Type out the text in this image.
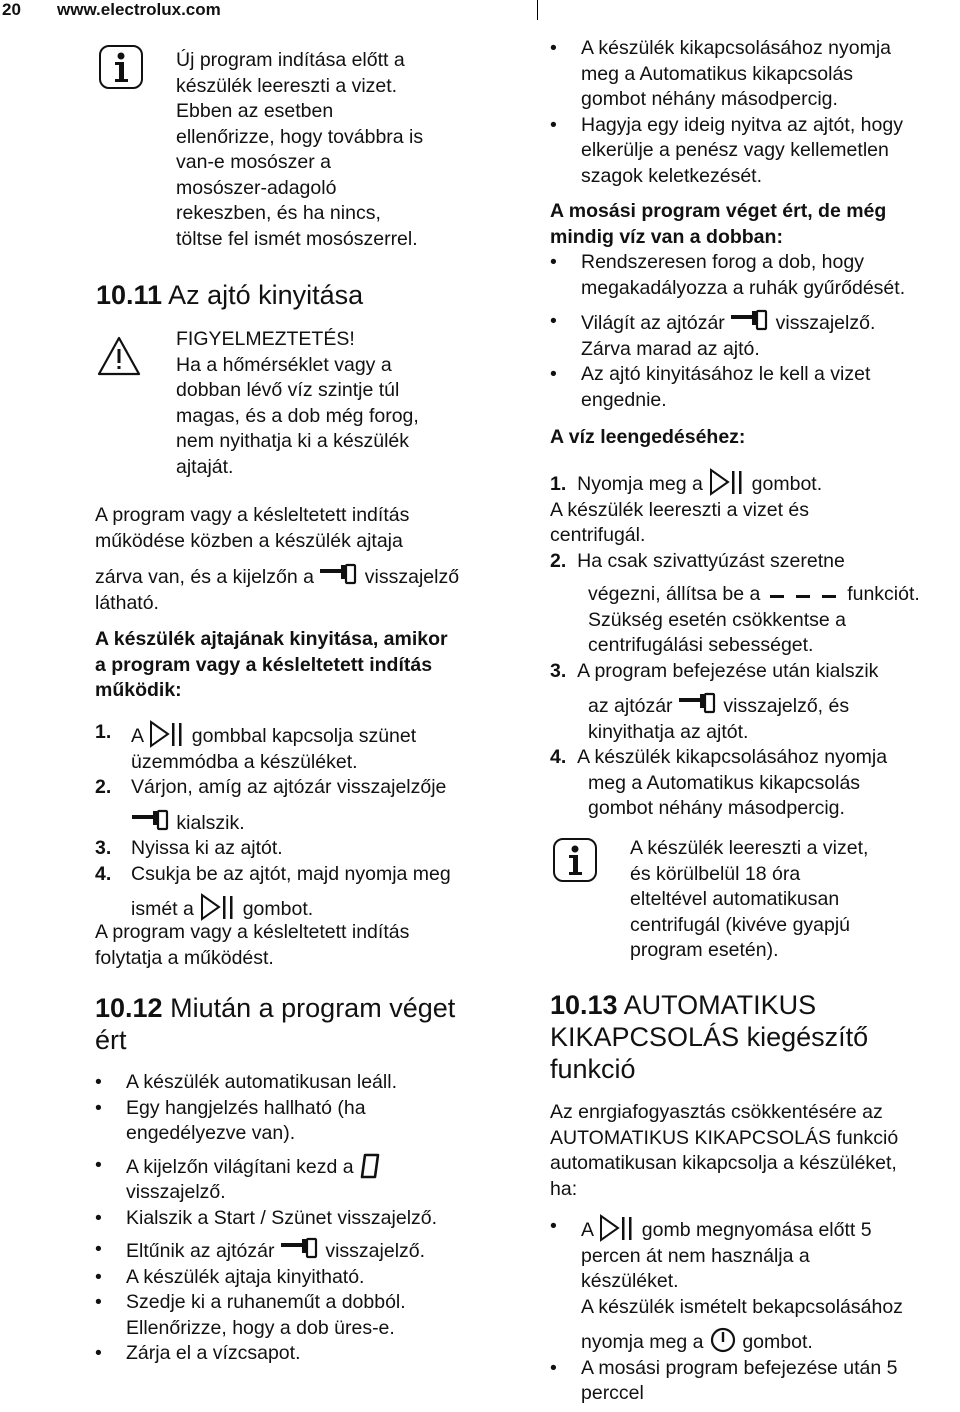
20 www.electrolux.com
Új program indítása előtt a
készülék leereszti a vizet.
Ebben az esetben
ellenőrizze, hogy továbbra is
van-e mosószer a
mosószer-adagoló
rekeszben, és ha nincs,
töltse fel ismét mosószerrel.
10.11 Az ajtó kinyitása
FIGYELMEZTETÉS!
Ha a hőmérséklet vagy a
dobban lévő víz szintje túl
magas, és a dob még forog,
nem nyithatja ki a készülék
ajtaját.
A program vagy a késleltetett indítás
működése közben a készülék ajtaja
zárva van, és a kijelzőn a	visszajelző
látható.
A készülék ajtajának kinyitása, amikor
a program vagy a késleltetett indítás
működik:
1. A	gombbal kapcsolja szünet
üzemmódba a készüléket.
2. Várjon, amíg az ajtózár visszajelzője
kialszik.
3. Nyissa ki az ajtót.
4. Csukja be az ajtót, majd nyomja meg
ismét a	gombot.
A program vagy a késleltetett indítás
folytatja a működést.
10.12 Miután a program véget
ért
• A készülék automatikusan leáll.
• Egy hangjelzés hallható (ha
engedélyezve van).
• A kijelzőn világítani kezd a
visszajelző.
• Kialszik a Start / Szünet visszajelző.
• Eltűnik az ajtózár	visszajelző.
• A készülék ajtaja kinyitható.
• Szedje ki a ruhaneműt a dobból.
Ellenőrizze, hogy a dob üres-e.
• Zárja el a vízcsapot.
• A készülék kikapcsolásához nyomja
meg a Automatikus kikapcsolás
gombot néhány másodpercig.
• Hagyja egy ideig nyitva az ajtót, hogy
elkerülje a penész vagy kellemetlen
szagok keletkezését.
A mosási program véget ért, de még
mindig víz van a dobban:
• Rendszeresen forog a dob, hogy
megakadályozza a ruhák gyűrődését.
• Világít az ajtózár	visszajelző.
Zárva marad az ajtó.
• Az ajtó kinyitásához le kell a vizet
engednie.
A víz leengedéséhez:
1. Nyomja meg a	gombot.
A készülék leereszti a vizet és
centrifugál.
2. Ha csak szivattyúzást szeretne
végezni, állítsa be a	funkciót.
Szükség esetén csökkentse a
centrifugálási sebességet.
3. A program befejezése után kialszik
az ajtózár	visszajelző, és
kinyithatja az ajtót.
4. A készülék kikapcsolásához nyomja
meg a Automatikus kikapcsolás
gombot néhány másodpercig.
A készülék leereszti a vizet,
és körülbelül 18 óra
elteltével automatikusan
centrifugál (kivéve gyapjú
program esetén).
10.13 AUTOMATIKUS
KIKAPCSOLÁS kiegészítő
funkció
Az enrgiafogyasztás csökkentésére az
AUTOMATIKUS KIKAPCSOLÁS funkció
automatikusan kikapcsolja a készüléket,
ha:
• A	gomb megnyomása előtt 5
percen át nem használja a
készüléket.
A készülék ismételt bekapcsolásához
nyomja meg a gombot.
• A mosási program befejezése után 5
perccel
